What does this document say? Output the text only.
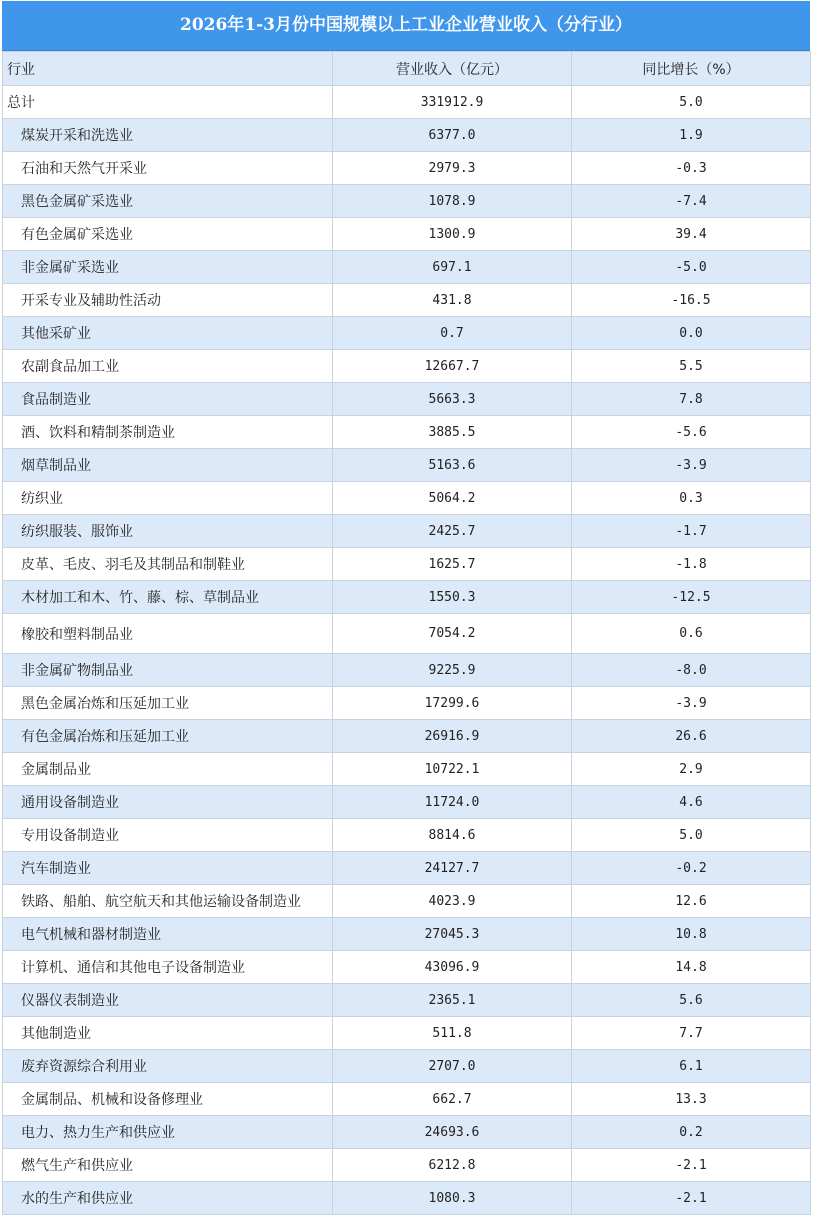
2026年1-3月份中国规模以上工业企业营业收入（分行业）
行业	营业收入（亿元）	同比增长（%）
总计	331912.9	5.0
煤炭开采和洗选业	6377.0	1.9
石油和天然气开采业	2979.3	-0.3
黑色金属矿采选业	1078.9	-7.4
有色金属矿采选业	1300.9	39.4
非金属矿采选业	697.1	-5.0
开采专业及辅助性活动	431.8	-16.5
其他采矿业	0.7	0.0
农副食品加工业	12667.7	5.5
食品制造业	5663.3	7.8
酒、饮料和精制茶制造业	3885.5	-5.6
烟草制品业	5163.6	-3.9
纺织业	5064.2	0.3
纺织服装、服饰业	2425.7	-1.7
皮革、毛皮、羽毛及其制品和制鞋业	1625.7	-1.8
木材加工和木、竹、藤、棕、草制品业	1550.3	-12.5
橡胶和塑料制品业	7054.2	0.6
非金属矿物制品业	9225.9	-8.0
黑色金属冶炼和压延加工业	17299.6	-3.9
有色金属冶炼和压延加工业	26916.9	26.6
金属制品业	10722.1	2.9
通用设备制造业	11724.0	4.6
专用设备制造业	8814.6	5.0
汽车制造业	24127.7	-0.2
铁路、船舶、航空航天和其他运输设备制造业	4023.9	12.6
电气机械和器材制造业	27045.3	10.8
计算机、通信和其他电子设备制造业	43096.9	14.8
仪器仪表制造业	2365.1	5.6
其他制造业	511.8	7.7
废弃资源综合利用业	2707.0	6.1
金属制品、机械和设备修理业	662.7	13.3
电力、热力生产和供应业	24693.6	0.2
燃气生产和供应业	6212.8	-2.1
水的生产和供应业	1080.3	-2.1
